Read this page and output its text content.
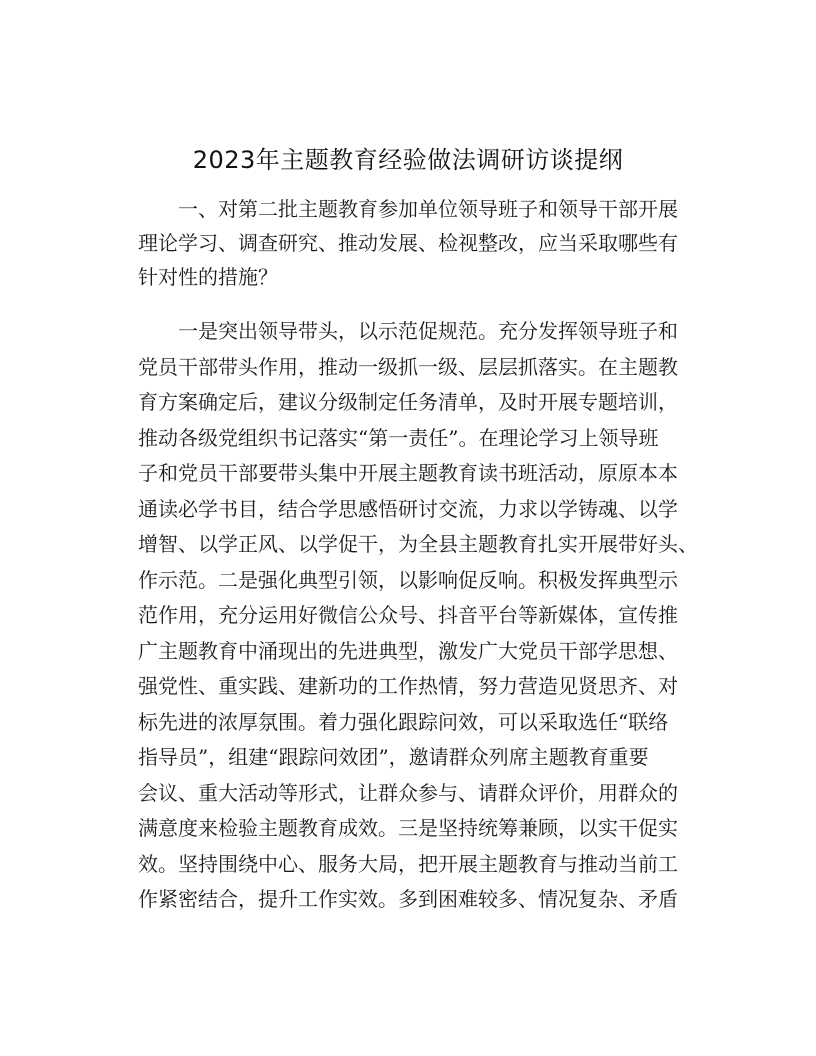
2023年主题教育经验做法调研访谈提纲
一、对第二批主题教育参加单位领导班子和领导干部开展
理论学习、调查研究、推动发展、检视整改，应当采取哪些有
针对性的措施？
一是突出领导带头，以示范促规范。充分发挥领导班子和
党员干部带头作用，推动一级抓一级、层层抓落实。在主题教
育方案确定后，建议分级制定任务清单，及时开展专题培训，
推动各级党组织书记落实“第一责任”。在理论学习上领导班
子和党员干部要带头集中开展主题教育读书班活动，原原本本
通读必学书目，结合学思感悟研讨交流，力求以学铸魂、以学
增智、以学正风、以学促干，为全县主题教育扎实开展带好头、
作示范。二是强化典型引领，以影响促反响。积极发挥典型示
范作用，充分运用好微信公众号、抖音平台等新媒体，宣传推
广主题教育中涌现出的先进典型，激发广大党员干部学思想、
强党性、重实践、建新功的工作热情，努力营造见贤思齐、对
标先进的浓厚氛围。着力强化跟踪问效，可以采取选任“联络
指导员”，组建“跟踪问效团”，邀请群众列席主题教育重要
会议、重大活动等形式，让群众参与、请群众评价，用群众的
满意度来检验主题教育成效。三是坚持统筹兼顾，以实干促实
效。坚持围绕中心、服务大局，把开展主题教育与推动当前工
作紧密结合，提升工作实效。多到困难较多、情况复杂、矛盾
